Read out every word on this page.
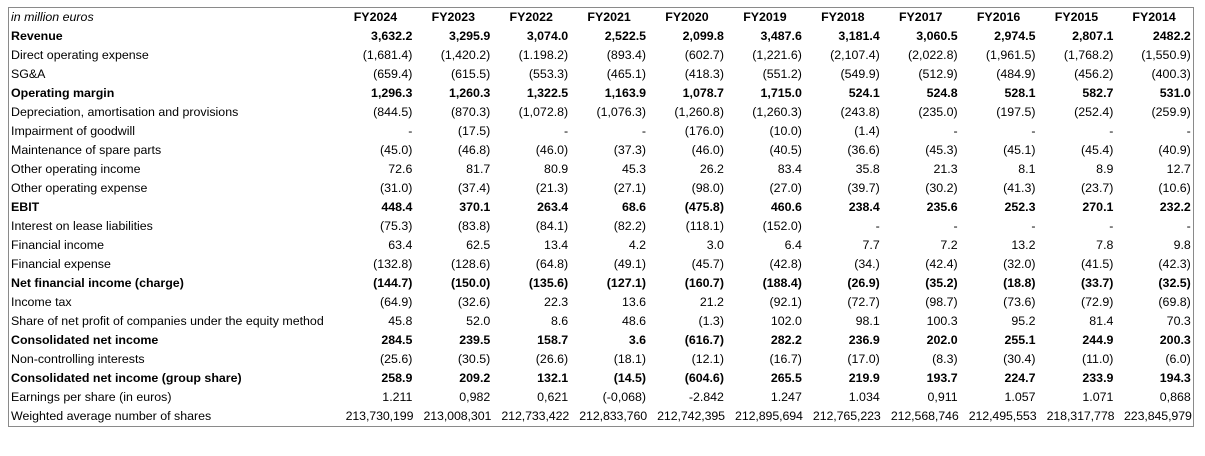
in million euros	FY2024	FY2023	FY2022	FY2021	FY2020	FY2019	FY2018	FY2017	FY2016	FY2015	FY2014
Revenue	3,632.2	3,295.9	3,074.0	2,522.5	2,099.8	3,487.6	3,181.4	3,060.5	2,974.5	2,807.1	2482.2
Direct operating expense	(1,681.4)	(1,420.2)	(1.198.2)	(893.4)	(602.7)	(1,221.6)	(2,107.4)	(2,022.8)	(1,961.5)	(1,768.2)	(1,550.9)
SG&A	(659.4)	(615.5)	(553.3)	(465.1)	(418.3)	(551.2)	(549.9)	(512.9)	(484.9)	(456.2)	(400.3)
Operating margin	1,296.3	1,260.3	1,322.5	1,163.9	1,078.7	1,715.0	524.1	524.8	528.1	582.7	531.0
Depreciation, amortisation and provisions	(844.5)	(870.3)	(1,072.8)	(1,076.3)	(1,260.8)	(1,260.3)	(243.8)	(235.0)	(197.5)	(252.4)	(259.9)
Impairment of goodwill	-	(17.5)	-	-	(176.0)	(10.0)	(1.4)	-	-	-	-
Maintenance of spare parts	(45.0)	(46.8)	(46.0)	(37.3)	(46.0)	(40.5)	(36.6)	(45.3)	(45.1)	(45.4)	(40.9)
Other operating income	72.6	81.7	80.9	45.3	26.2	83.4	35.8	21.3	8.1	8.9	12.7
Other operating expense	(31.0)	(37.4)	(21.3)	(27.1)	(98.0)	(27.0)	(39.7)	(30.2)	(41.3)	(23.7)	(10.6)
EBIT	448.4	370.1	263.4	68.6	(475.8)	460.6	238.4	235.6	252.3	270.1	232.2
Interest on lease liabilities	(75.3)	(83.8)	(84.1)	(82.2)	(118.1)	(152.0)	-	-	-	-	-
Financial income	63.4	62.5	13.4	4.2	3.0	6.4	7.7	7.2	13.2	7.8	9.8
Financial expense	(132.8)	(128.6)	(64.8)	(49.1)	(45.7)	(42.8)	(34.)	(42.4)	(32.0)	(41.5)	(42.3)
Net financial income (charge)	(144.7)	(150.0)	(135.6)	(127.1)	(160.7)	(188.4)	(26.9)	(35.2)	(18.8)	(33.7)	(32.5)
Income tax	(64.9)	(32.6)	22.3	13.6	21.2	(92.1)	(72.7)	(98.7)	(73.6)	(72.9)	(69.8)
Share of net profit of companies under the equity method	45.8	52.0	8.6	48.6	(1.3)	102.0	98.1	100.3	95.2	81.4	70.3
Consolidated net income	284.5	239.5	158.7	3.6	(616.7)	282.2	236.9	202.0	255.1	244.9	200.3
Non-controlling interests	(25.6)	(30.5)	(26.6)	(18.1)	(12.1)	(16.7)	(17.0)	(8.3)	(30.4)	(11.0)	(6.0)
Consolidated net income (group share)	258.9	209.2	132.1	(14.5)	(604.6)	265.5	219.9	193.7	224.7	233.9	194.3
Earnings per share (in euros)	1.211	0,982	0,621	(-0,068)	-2.842	1.247	1.034	0,911	1.057	1.071	0,868
Weighted average number of shares	213,730,199	213,008,301	212,733,422	212,833,760	212,742,395	212,895,694	212,765,223	212,568,746	212,495,553	218,317,778	223,845,979
